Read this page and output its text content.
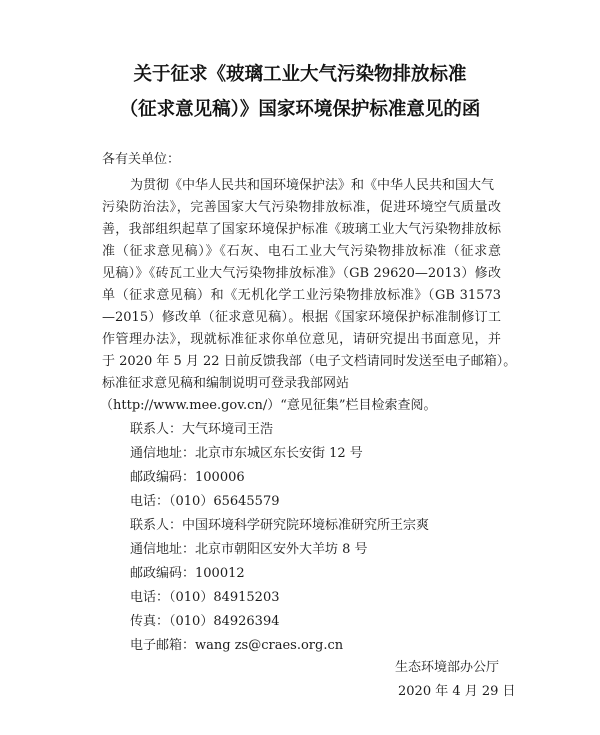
关于征求《玻璃工业大气污染物排放标准
（征求意见稿）》国家环境保护标准意见的函
各有关单位：
为贯彻《中华人民共和国环境保护法》和《中华人民共和国大气
污染防治法》，完善国家大气污染物排放标准，促进环境空气质量改
善，我部组织起草了国家环境保护标准《玻璃工业大气污染物排放标
准（征求意见稿）》《石灰、电石工业大气污染物排放标准（征求意
见稿）》《砖瓦工业大气污染物排放标准》（GB 29620—2013）修改
单（征求意见稿）和《无机化学工业污染物排放标准》（GB 31573
—2015）修改单（征求意见稿）。根据《国家环境保护标准制修订工
作管理办法》，现就标准征求你单位意见，请研究提出书面意见，并
于 2020 年 5 月 22 日前反馈我部（电子文档请同时发送至电子邮箱）。
标准征求意见稿和编制说明可登录我部网站
（http://www.mee.gov.cn/）“意见征集”栏目检索查阅。
联系人：大气环境司王浩
通信地址：北京市东城区东长安街 12 号
邮政编码：100006
电话：（010）65645579
联系人：中国环境科学研究院环境标准研究所王宗爽
通信地址：北京市朝阳区安外大羊坊 8 号
邮政编码：100012
电话：（010）84915203
传真：（010）84926394
电子邮箱：wang zs@craes.org.cn
生态环境部办公厅
2020 年 4 月 29 日
